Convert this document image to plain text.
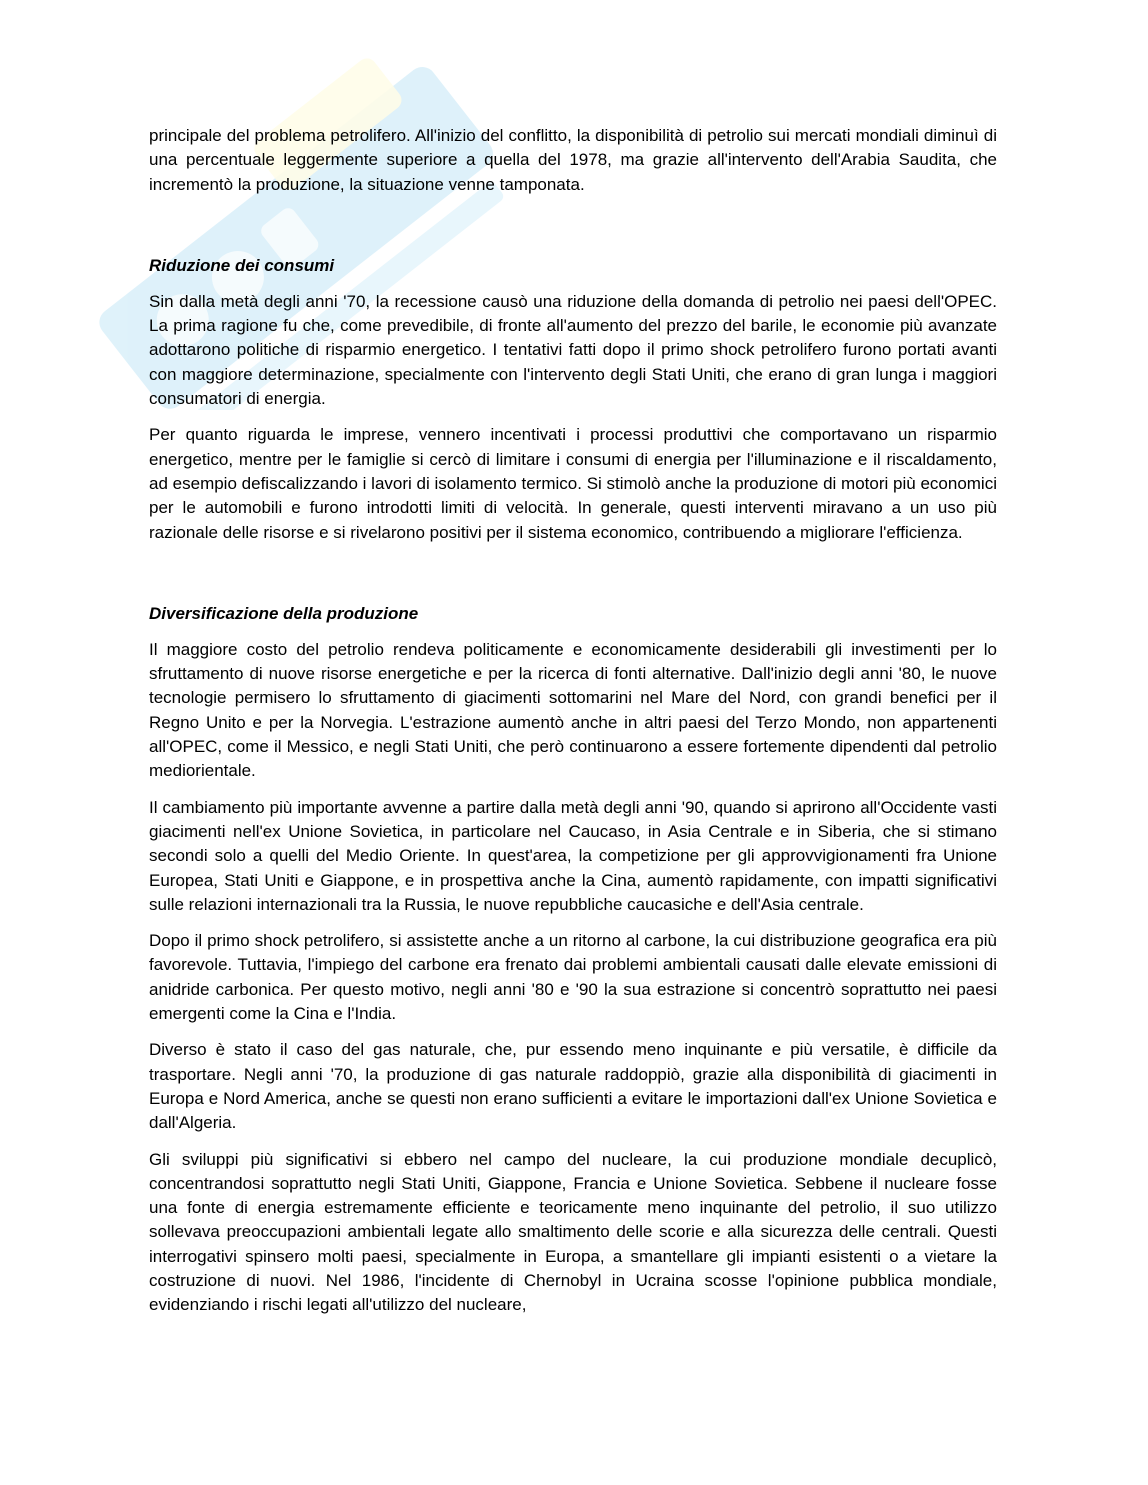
principale del problema petrolifero. All'inizio del conflitto, la disponibilità di petrolio sui mercati mondiali diminuì di una percentuale leggermente superiore a quella del 1978, ma grazie all'intervento dell'Arabia Saudita, che incrementò la produzione, la situazione venne tamponata.

Riduzione dei consumi

Sin dalla metà degli anni '70, la recessione causò una riduzione della domanda di petrolio nei paesi dell'OPEC. La prima ragione fu che, come prevedibile, di fronte all'aumento del prezzo del barile, le economie più avanzate adottarono politiche di risparmio energetico. I tentativi fatti dopo il primo shock petrolifero furono portati avanti con maggiore determinazione, specialmente con l'intervento degli Stati Uniti, che erano di gran lunga i maggiori consumatori di energia.

Per quanto riguarda le imprese, vennero incentivati i processi produttivi che comportavano un risparmio energetico, mentre per le famiglie si cercò di limitare i consumi di energia per l'illuminazione e il riscaldamento, ad esempio defiscalizzando i lavori di isolamento termico. Si stimolò anche la produzione di motori più economici per le automobili e furono introdotti limiti di velocità. In generale, questi interventi miravano a un uso più razionale delle risorse e si rivelarono positivi per il sistema economico, contribuendo a migliorare l'efficienza.

Diversificazione della produzione

Il maggiore costo del petrolio rendeva politicamente e economicamente desiderabili gli investimenti per lo sfruttamento di nuove risorse energetiche e per la ricerca di fonti alternative. Dall'inizio degli anni '80, le nuove tecnologie permisero lo sfruttamento di giacimenti sottomarini nel Mare del Nord, con grandi benefici per il Regno Unito e per la Norvegia. L'estrazione aumentò anche in altri paesi del Terzo Mondo, non appartenenti all'OPEC, come il Messico, e negli Stati Uniti, che però continuarono a essere fortemente dipendenti dal petrolio mediorientale.

Il cambiamento più importante avvenne a partire dalla metà degli anni '90, quando si aprirono all'Occidente vasti giacimenti nell'ex Unione Sovietica, in particolare nel Caucaso, in Asia Centrale e in Siberia, che si stimano secondi solo a quelli del Medio Oriente. In quest'area, la competizione per gli approvvigionamenti fra Unione Europea, Stati Uniti e Giappone, e in prospettiva anche la Cina, aumentò rapidamente, con impatti significativi sulle relazioni internazionali tra la Russia, le nuove repubbliche caucasiche e dell'Asia centrale.

Dopo il primo shock petrolifero, si assistette anche a un ritorno al carbone, la cui distribuzione geografica era più favorevole. Tuttavia, l'impiego del carbone era frenato dai problemi ambientali causati dalle elevate emissioni di anidride carbonica. Per questo motivo, negli anni '80 e '90 la sua estrazione si concentrò soprattutto nei paesi emergenti come la Cina e l'India.

Diverso è stato il caso del gas naturale, che, pur essendo meno inquinante e più versatile, è difficile da trasportare. Negli anni '70, la produzione di gas naturale raddoppiò, grazie alla disponibilità di giacimenti in Europa e Nord America, anche se questi non erano sufficienti a evitare le importazioni dall'ex Unione Sovietica e dall'Algeria.

Gli sviluppi più significativi si ebbero nel campo del nucleare, la cui produzione mondiale decuplicò, concentrandosi soprattutto negli Stati Uniti, Giappone, Francia e Unione Sovietica. Sebbene il nucleare fosse una fonte di energia estremamente efficiente e teoricamente meno inquinante del petrolio, il suo utilizzo sollevava preoccupazioni ambientali legate allo smaltimento delle scorie e alla sicurezza delle centrali. Questi interrogativi spinsero molti paesi, specialmente in Europa, a smantellare gli impianti esistenti o a vietare la costruzione di nuovi. Nel 1986, l'incidente di Chernobyl in Ucraina scosse l'opinione pubblica mondiale, evidenziando i rischi legati all'utilizzo del nucleare,
